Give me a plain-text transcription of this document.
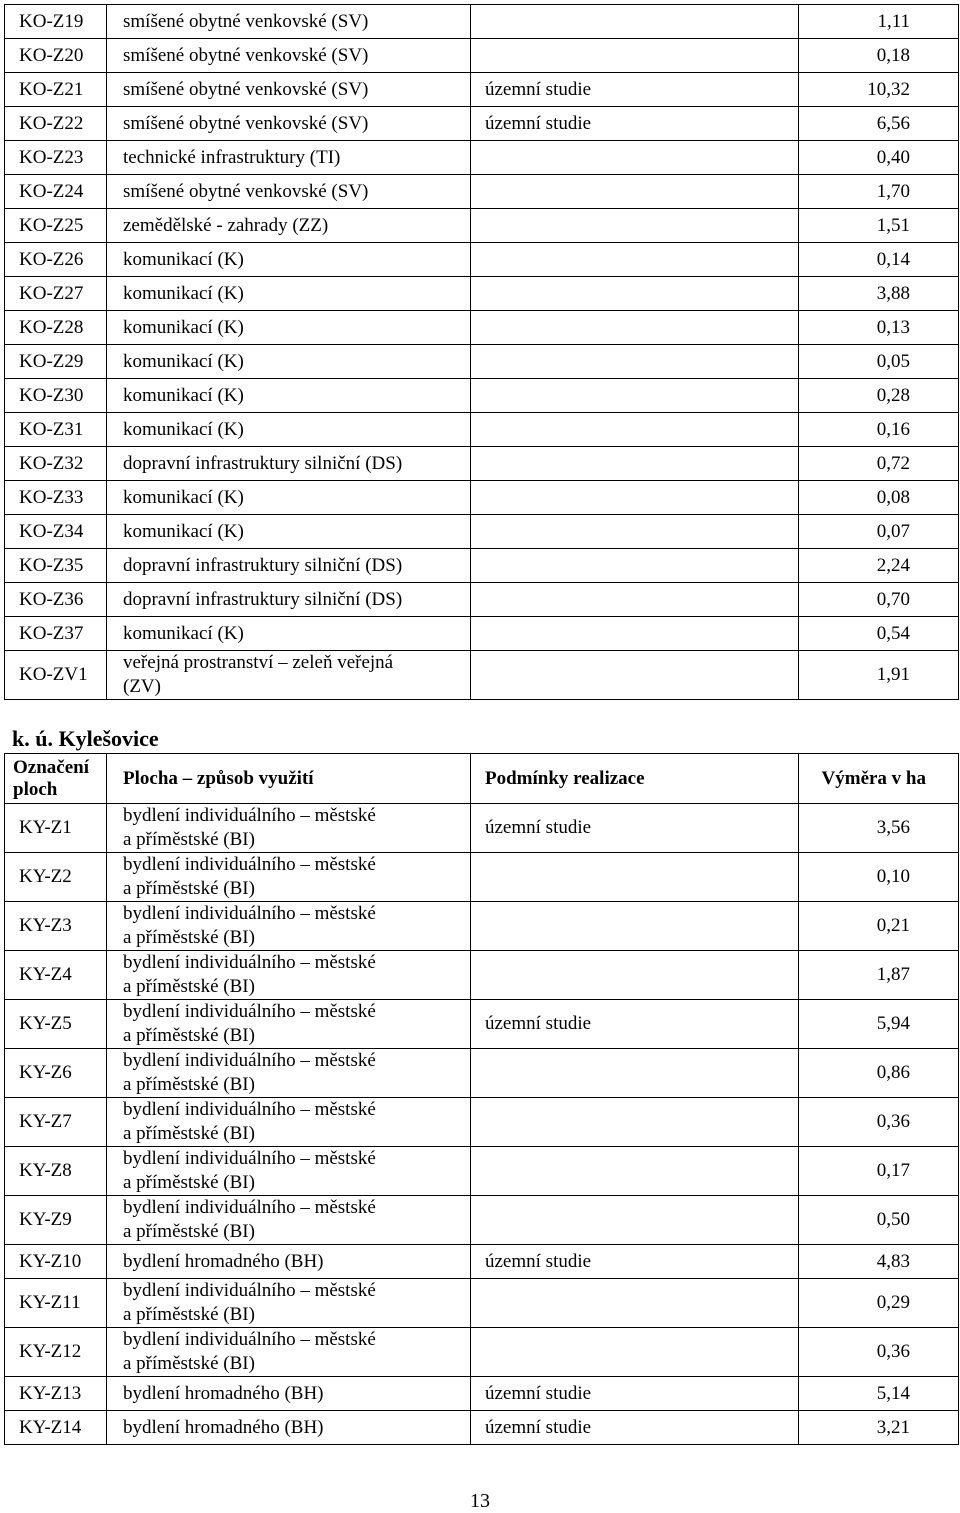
KO-Z19	smíšené obytné venkovské (SV)		1,11
KO-Z20	smíšené obytné venkovské (SV)		0,18
KO-Z21	smíšené obytné venkovské (SV)	územní studie	10,32
KO-Z22	smíšené obytné venkovské (SV)	územní studie	6,56
KO-Z23	technické infrastruktury (TI)		0,40
KO-Z24	smíšené obytné venkovské (SV)		1,70
KO-Z25	zemědělské - zahrady (ZZ)		1,51
KO-Z26	komunikací (K)		0,14
KO-Z27	komunikací (K)		3,88
KO-Z28	komunikací (K)		0,13
KO-Z29	komunikací (K)		0,05
KO-Z30	komunikací (K)		0,28
KO-Z31	komunikací (K)		0,16
KO-Z32	dopravní infrastruktury silniční (DS)		0,72
KO-Z33	komunikací (K)		0,08
KO-Z34	komunikací (K)		0,07
KO-Z35	dopravní infrastruktury silniční (DS)		2,24
KO-Z36	dopravní infrastruktury silniční (DS)		0,70
KO-Z37	komunikací (K)		0,54
KO-ZV1	veřejná prostranství – zeleň veřejná
(ZV)		1,91
k. ú. Kylešovice
Označení
ploch	Plocha – způsob využití	Podmínky realizace	Výměra v ha
KY-Z1	bydlení individuálního – městské
a příměstské (BI)	územní studie	3,56
KY-Z2	bydlení individuálního – městské
a příměstské (BI)		0,10
KY-Z3	bydlení individuálního – městské
a příměstské (BI)		0,21
KY-Z4	bydlení individuálního – městské
a příměstské (BI)		1,87
KY-Z5	bydlení individuálního – městské
a příměstské (BI)	územní studie	5,94
KY-Z6	bydlení individuálního – městské
a příměstské (BI)		0,86
KY-Z7	bydlení individuálního – městské
a příměstské (BI)		0,36
KY-Z8	bydlení individuálního – městské
a příměstské (BI)		0,17
KY-Z9	bydlení individuálního – městské
a příměstské (BI)		0,50
KY-Z10	bydlení hromadného (BH)	územní studie	4,83
KY-Z11	bydlení individuálního – městské
a příměstské (BI)		0,29
KY-Z12	bydlení individuálního – městské
a příměstské (BI)		0,36
KY-Z13	bydlení hromadného (BH)	územní studie	5,14
KY-Z14	bydlení hromadného (BH)	územní studie	3,21
13
